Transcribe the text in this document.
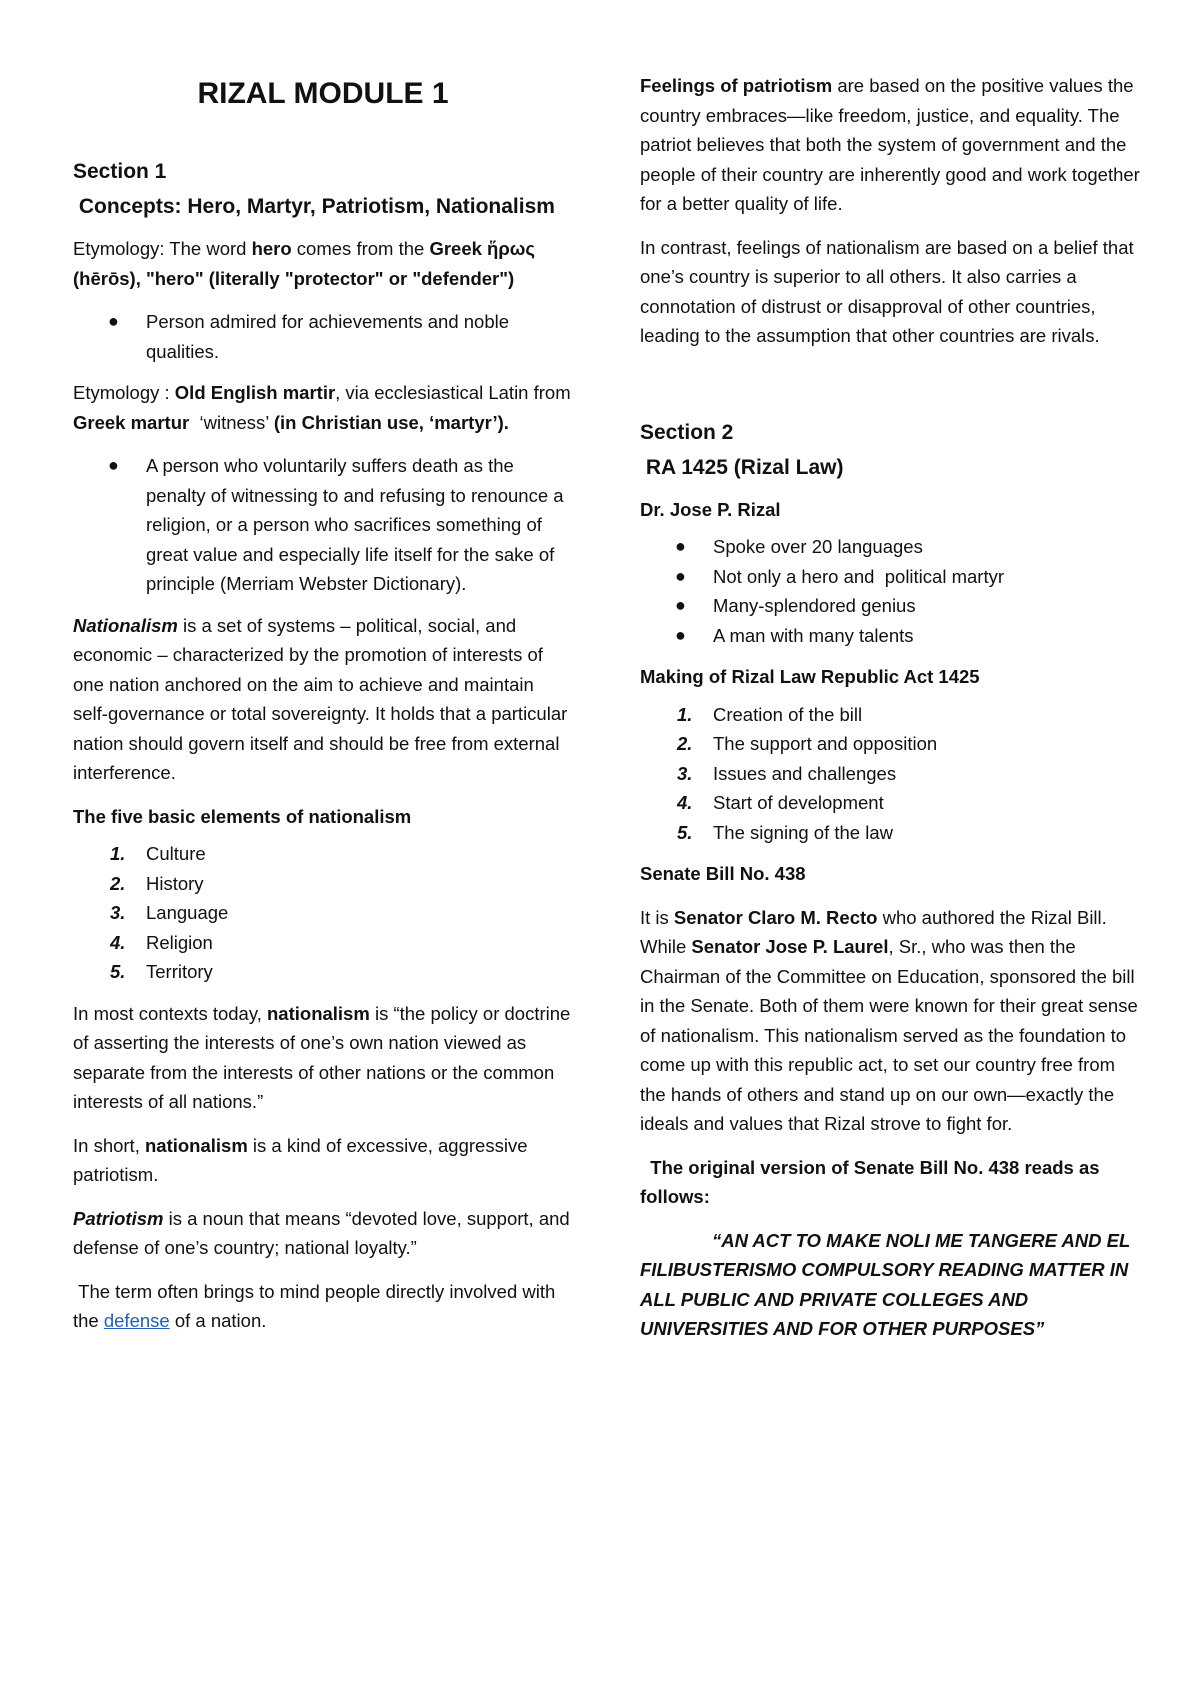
RIZAL MODULE 1

Section 1

Concepts: Hero, Martyr, Patriotism, Nationalism

Etymology: The word hero comes from the Greek ἥρως (hērōs), "hero" (literally "protector" or "defender")

● Person admired for achievements and noble qualities.

Etymology : Old English martir, via ecclesiastical Latin from Greek martur  ‘witness’ (in Christian use, ‘martyr’).

● A person who voluntarily suffers death as the penalty of witnessing to and refusing to renounce a religion, or a person who sacrifices something of great value and especially life itself for the sake of principle (Merriam Webster Dictionary).

Nationalism is a set of systems – political, social, and economic – characterized by the promotion of interests of one nation anchored on the aim to achieve and maintain self-governance or total sovereignty. It holds that a particular nation should govern itself and should be free from external interference.

The five basic elements of nationalism

1. Culture
2. History
3. Language
4. Religion
5. Territory

In most contexts today, nationalism is “the policy or doctrine of asserting the interests of one’s own nation viewed as separate from the interests of other nations or the common interests of all nations.”

In short, nationalism is a kind of excessive, aggressive patriotism.

Patriotism is a noun that means “devoted love, support, and defense of one’s country; national loyalty.”

The term often brings to mind people directly involved with the defense of a nation.

Feelings of patriotism are based on the positive values the country embraces—like freedom, justice, and equality. The patriot believes that both the system of government and the people of their country are inherently good and work together for a better quality of life.

In contrast, feelings of nationalism are based on a belief that one’s country is superior to all others. It also carries a connotation of distrust or disapproval of other countries, leading to the assumption that other countries are rivals.

Section 2

RA 1425 (Rizal Law)

Dr. Jose P. Rizal

● Spoke over 20 languages
● Not only a hero and  political martyr
● Many-splendored genius
● A man with many talents

Making of Rizal Law Republic Act 1425

1. Creation of the bill
2. The support and opposition
3. Issues and challenges
4. Start of development
5. The signing of the law

Senate Bill No. 438

It is Senator Claro M. Recto who authored the Rizal Bill. While Senator Jose P. Laurel, Sr., who was then the Chairman of the Committee on Education, sponsored the bill in the Senate. Both of them were known for their great sense of nationalism. This nationalism served as the foundation to come up with this republic act, to set our country free from the hands of others and stand up on our own—exactly the ideals and values that Rizal strove to fight for.

The original version of Senate Bill No. 438 reads as follows:

“AN ACT TO MAKE NOLI ME TANGERE AND EL FILIBUSTERISMO COMPULSORY READING MATTER IN ALL PUBLIC AND PRIVATE COLLEGES AND UNIVERSITIES AND FOR OTHER PURPOSES”
